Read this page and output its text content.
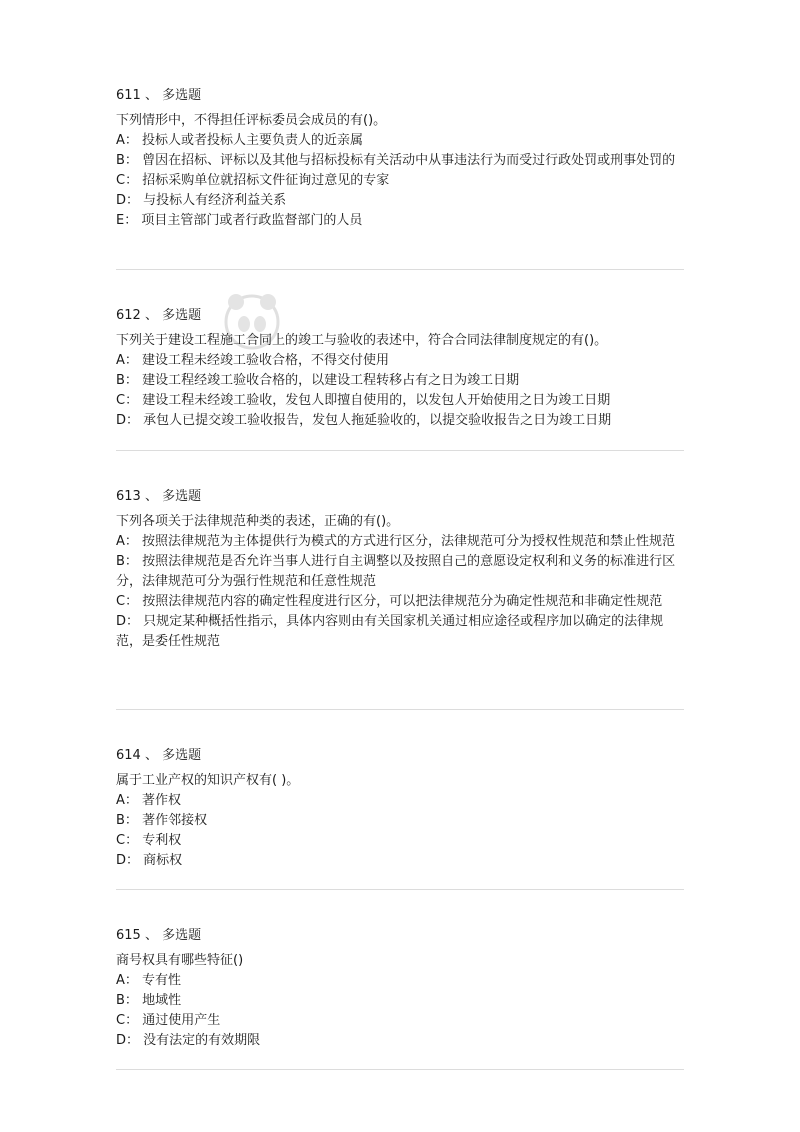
611 、 多选题
下列情形中，不得担任评标委员会成员的有()。
A： 投标人或者投标人主要负责人的近亲属
B： 曾因在招标、评标以及其他与招标投标有关活动中从事违法行为而受过行政处罚或刑事处罚的
C： 招标采购单位就招标文件征询过意见的专家
D： 与投标人有经济利益关系
E： 项目主管部门或者行政监督部门的人员
612 、 多选题
下列关于建设工程施工合同上的竣工与验收的表述中，符合合同法律制度规定的有()。
A： 建设工程未经竣工验收合格，不得交付使用
B： 建设工程经竣工验收合格的，以建设工程转移占有之日为竣工日期
C： 建设工程未经竣工验收，发包人即擅自使用的，以发包人开始使用之日为竣工日期
D： 承包人已提交竣工验收报告，发包人拖延验收的，以提交验收报告之日为竣工日期
613 、 多选题
下列各项关于法律规范种类的表述，正确的有()。
A： 按照法律规范为主体提供行为模式的方式进行区分，法律规范可分为授权性规范和禁止性规范
B： 按照法律规范是否允许当事人进行自主调整以及按照自己的意愿设定权利和义务的标准进行区分，法律规范可分为强行性规范和任意性规范
C： 按照法律规范内容的确定性程度进行区分，可以把法律规范分为确定性规范和非确定性规范
D： 只规定某种概括性指示，具体内容则由有关国家机关通过相应途径或程序加以确定的法律规范，是委任性规范
614 、 多选题
属于工业产权的知识产权有( )。
A： 著作权
B： 著作邻接权
C： 专利权
D： 商标权
615 、 多选题
商号权具有哪些特征()
A： 专有性
B： 地域性
C： 通过使用产生
D： 没有法定的有效期限
